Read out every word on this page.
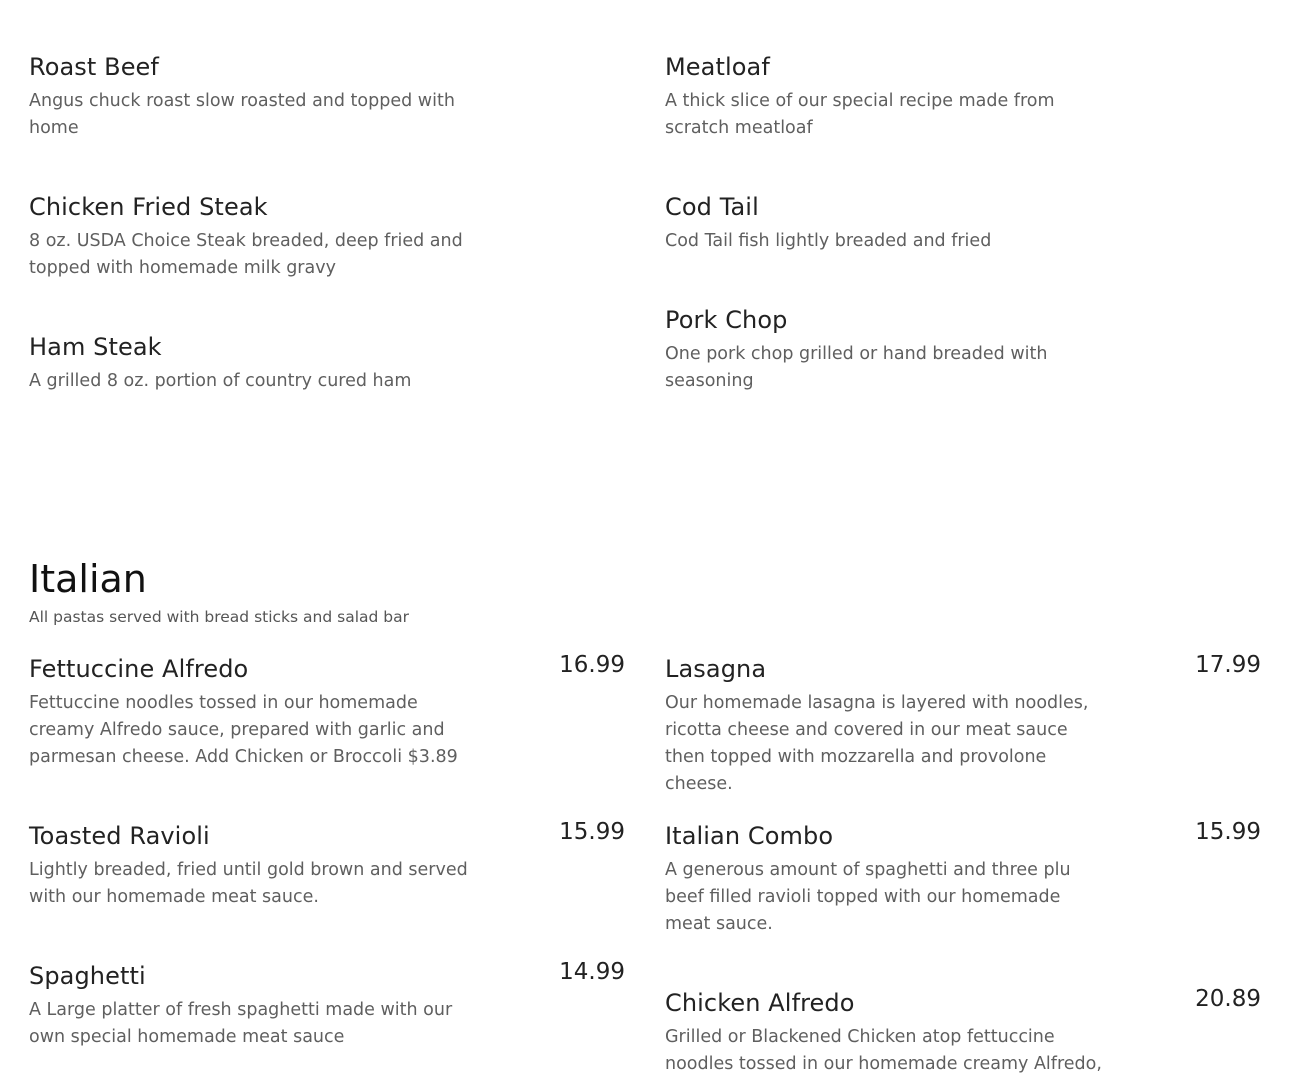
Roast Beef

Angus chuck roast slow roasted and topped with home

Chicken Fried Steak

8 oz. USDA Choice Steak breaded, deep fried and topped with homemade milk gravy

Ham Steak

A grilled 8 oz. portion of country cured ham

Meatloaf

A thick slice of our special recipe made from scratch meatloaf

Cod Tail

Cod Tail fish lightly breaded and fried

Pork Chop

One pork chop grilled or hand breaded with seasoning

Italian

All pastas served with bread sticks and salad bar

Fettuccine Alfredo	16.99

Fettuccine noodles tossed in our homemade creamy Alfredo sauce, prepared with garlic and parmesan cheese. Add Chicken or Broccoli $3.89

Toasted Ravioli	15.99

Lightly breaded, fried until gold brown and served with our homemade meat sauce.

Spaghetti	14.99

A Large platter of fresh spaghetti made with our own special homemade meat sauce

Lasagna	17.99

Our homemade lasagna is layered with noodles, ricotta cheese and covered in our meat sauce then topped with mozzarella and provolone cheese.

Italian Combo	15.99

A generous amount of spaghetti and three plu beef filled ravioli topped with our homemade meat sauce.

Chicken Alfredo	20.89

Grilled or Blackened Chicken atop fettuccine noodles tossed in our homemade creamy Alfredo,
